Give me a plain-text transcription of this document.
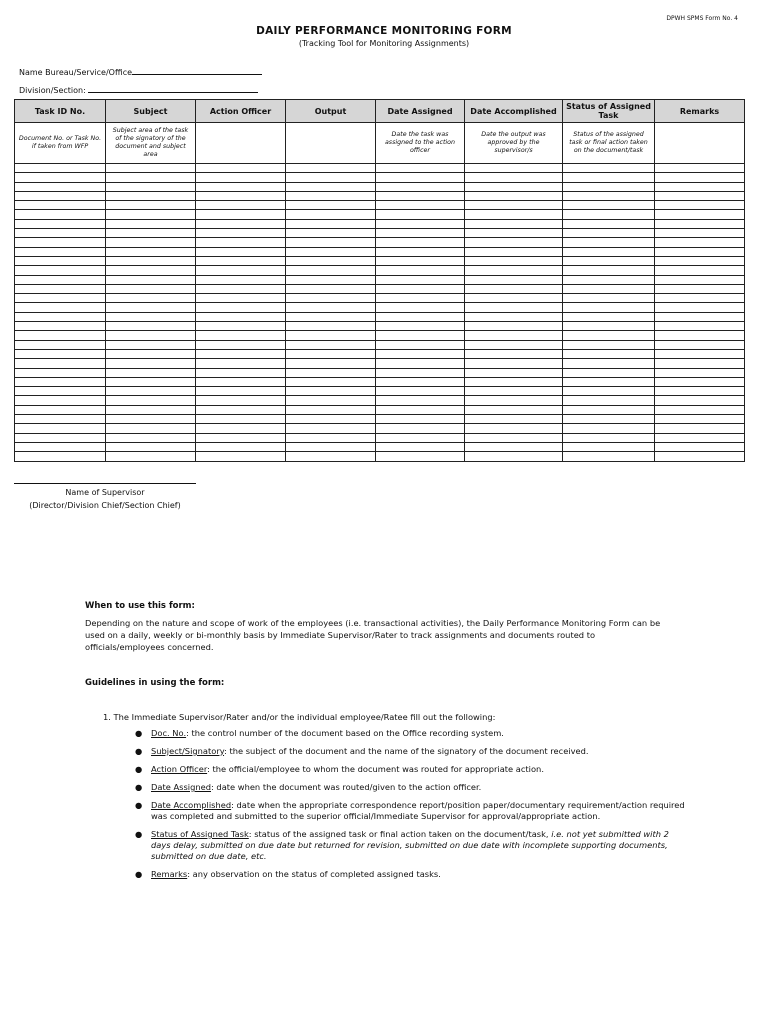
DPWH SPMS Form No. 4
DAILY PERFORMANCE MONITORING FORM
(Tracking Tool for Monitoring Assignments)
Name Bureau/Service/Office
Division/Section:
Task ID No.	Subject	Action Officer	Output	Date Assigned	Date Accomplished	Status of Assigned Task	Remarks
Document No. or Task No. if taken from WFP	Subject area of the task of the signatory of the document and subject area			Date the task was assigned to the action officer	Date the output was approved by the supervisor/s	Status of the assigned task or final action taken on the document/task	

Name of Supervisor
(Director/Division Chief/Section Chief)
When to use this form:
Depending on the nature and scope of work of the employees (i.e. transactional activities), the Daily Performance Monitoring Form can be used on a daily, weekly or bi-monthly basis by Immediate Supervisor/Rater to track assignments and documents routed to officials/employees concerned.
Guidelines in using the form:
1. The Immediate Supervisor/Rater and/or the individual employee/Ratee fill out the following:
● Doc. No.: the control number of the document based on the Office recording system.
● Subject/Signatory: the subject of the document and the name of the signatory of the document received.
● Action Officer: the official/employee to whom the document was routed for appropriate action.
● Date Assigned: date when the document was routed/given to the action officer.
● Date Accomplished: date when the appropriate correspondence report/position paper/documentary requirement/action required was completed and submitted to the superior official/Immediate Supervisor for approval/appropriate action.
● Status of Assigned Task: status of the assigned task or final action taken on the document/task, i.e. not yet submitted with 2 days delay, submitted on due date but returned for revision, submitted on due date with incomplete supporting documents, submitted on due date, etc.
● Remarks: any observation on the status of completed assigned tasks.
